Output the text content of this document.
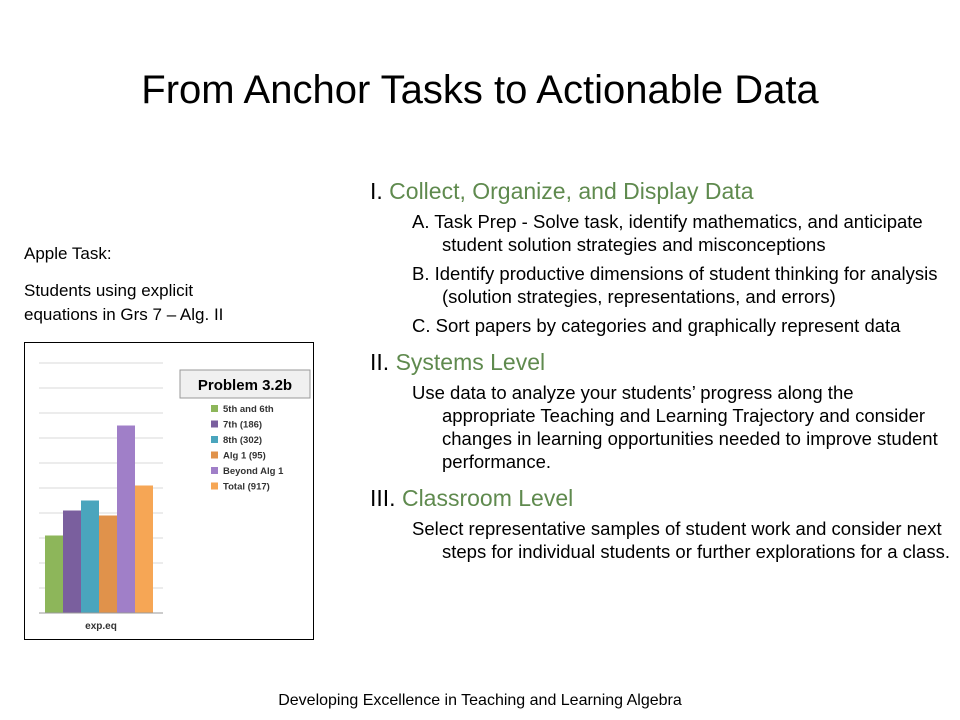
From Anchor Tasks to Actionable Data
Apple Task:
Students using explicit
equations in Grs 7 – Alg. II
exp.eq
Problem 3.2b
5th and 6th
7th (186)
8th (302)
Alg 1 (95)
Beyond Alg 1
Total (917)
I. Collect, Organize, and Display Data
A. Task Prep - Solve task, identify mathematics, and anticipate student solution strategies and misconceptions
B. Identify productive dimensions of student thinking for analysis (solution strategies, representations, and errors)
C. Sort papers by categories and graphically represent data
II. Systems Level
Use data to analyze your students’ progress along the appropriate Teaching and Learning Trajectory and consider changes in learning opportunities needed to improve student performance.
III. Classroom Level
Select representative samples of student work and consider next steps for individual students or further explorations for a class.
Developing Excellence in Teaching and Learning Algebra
